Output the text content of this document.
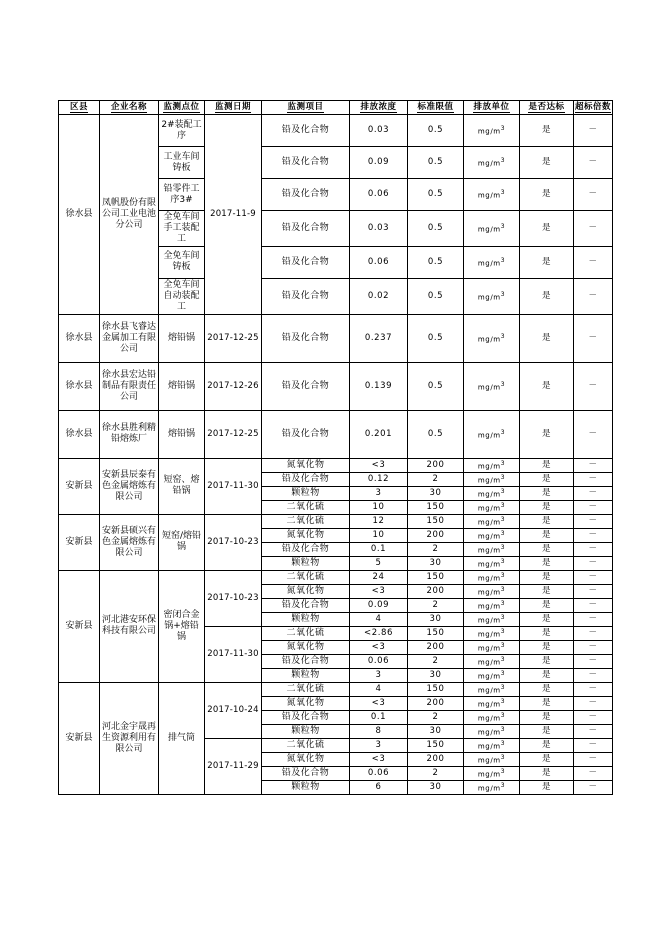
区县	企业名称	监测点位	监测日期	监测项目	排放浓度	标准限值	排放单位	是否达标	超标倍数
徐水县	凤帆股份有限公司工业电池分公司	2#装配工序	2017-11-9	铅及化合物	0.03	0.5	$mg/m^3$	是	－
		工业车间铸板		铅及化合物	0.09	0.5	$mg/m^3$	是	－
		铅零件工序3#		铅及化合物	0.06	0.5	$mg/m^3$	是	－
		全免车间手工装配工		铅及化合物	0.03	0.5	$mg/m^3$	是	－
		全免车间铸板		铅及化合物	0.06	0.5	$mg/m^3$	是	－
		全免车间自动装配工		铅及化合物	0.02	0.5	$mg/m^3$	是	－
徐水县	徐水县飞睿达金属加工有限公司	熔铅锅	2017-12-25	铅及化合物	0.237	0.5	$mg/m^3$	是	－
徐水县	徐水县宏达铅制品有限责任公司	熔铅锅	2017-12-26	铅及化合物	0.139	0.5	$mg/m^3$	是	－
徐水县	徐水县胜利精铅熔炼厂	熔铅锅	2017-12-25	铅及化合物	0.201	0.5	$mg/m^3$	是	－
安新县	安新县辰泰有色金属熔炼有限公司	短窑、熔铅锅	2017-11-30	氮氧化物	<3	200	$mg/m^3$	是	－
				铅及化合物	0.12	2	$mg/m^3$	是	－
				颗粒物	3	30	$mg/m^3$	是	－
				二氧化硫	10	150	$mg/m^3$	是	－
安新县	安新县硕兴有色金属熔炼有限公司	短窑/熔铅锅	2017-10-23	二氧化硫	12	150	$mg/m^3$	是	－
				氮氧化物	10	200	$mg/m^3$	是	－
				铅及化合物	0.1	2	$mg/m^3$	是	－
				颗粒物	5	30	$mg/m^3$	是	－
安新县	河北港安环保科技有限公司	密闭合金锅+熔铅锅	2017-10-23	二氧化硫	24	150	$mg/m^3$	是	－
				氮氧化物	<3	200	$mg/m^3$	是	－
				铅及化合物	0.09	2	$mg/m^3$	是	－
				颗粒物	4	30	$mg/m^3$	是	－
			2017-11-30	二氧化硫	<2.86	150	$mg/m^3$	是	－
				氮氧化物	<3	200	$mg/m^3$	是	－
				铅及化合物	0.06	2	$mg/m^3$	是	－
				颗粒物	3	30	$mg/m^3$	是	－
安新县	河北金宇晟再生资源利用有限公司	排气筒	2017-10-24	二氧化硫	4	150	$mg/m^3$	是	－
				氮氧化物	<3	200	$mg/m^3$	是	－
				铅及化合物	0.1	2	$mg/m^3$	是	－
				颗粒物	8	30	$mg/m^3$	是	－
			2017-11-29	二氧化硫	3	150	$mg/m^3$	是	－
				氮氧化物	<3	200	$mg/m^3$	是	－
				铅及化合物	0.06	2	$mg/m^3$	是	－
				颗粒物	6	30	$mg/m^3$	是	－
